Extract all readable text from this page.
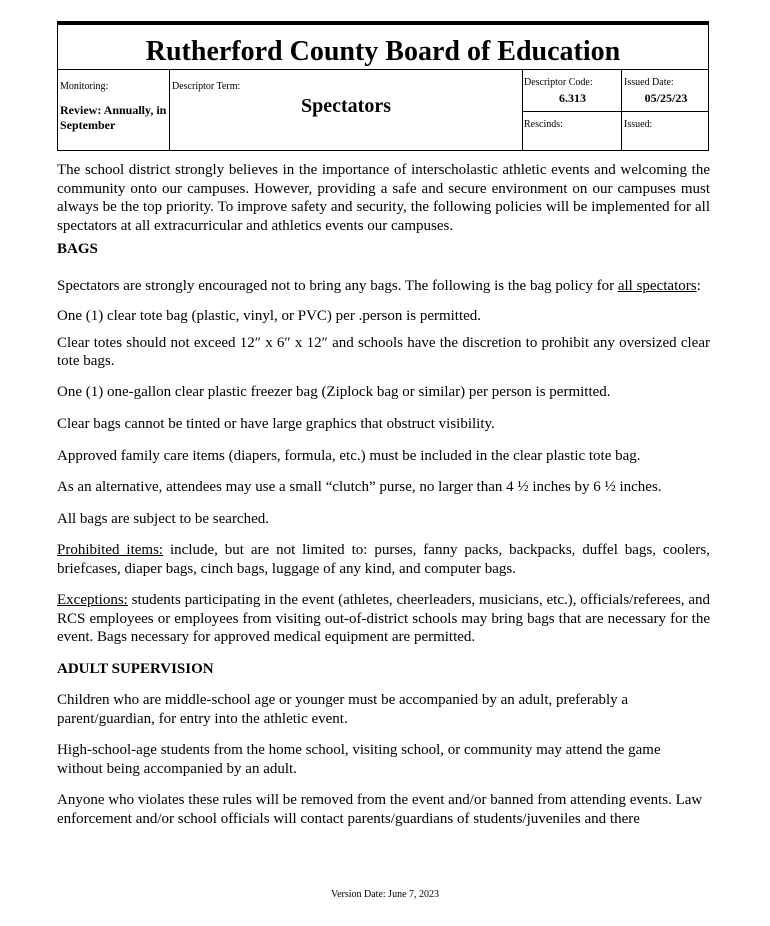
Rutherford County Board of Education
Monitoring:
Review: Annually, in September
Descriptor Term:
Spectators
Descriptor Code:
6.313
Issued Date:
05/25/23
Rescinds:	Issued:

The school district strongly believes in the importance of interscholastic athletic events and welcoming the community onto our campuses. However, providing a safe and secure environment on our campuses must always be the top priority. To improve safety and security, the following policies will be implemented for all spectators at all extracurricular and athletics events our campuses.

BAGS

Spectators are strongly encouraged not to bring any bags. The following is the bag policy for all spectators:

One (1) clear tote bag (plastic, vinyl, or PVC) per .person is permitted.

Clear totes should not exceed 12″ x 6″ x 12″ and schools have the discretion to prohibit any oversized clear tote bags.

One (1) one-gallon clear plastic freezer bag (Ziplock bag or similar) per person is permitted.

Clear bags cannot be tinted or have large graphics that obstruct visibility.

Approved family care items (diapers, formula, etc.) must be included in the clear plastic tote bag.

As an alternative, attendees may use a small “clutch” purse, no larger than 4 ½ inches by 6 ½ inches.

All bags are subject to be searched.

Prohibited items: include, but are not limited to: purses, fanny packs, backpacks, duffel bags, coolers, briefcases, diaper bags, cinch bags, luggage of any kind, and computer bags.

Exceptions: students participating in the event (athletes, cheerleaders, musicians, etc.), officials/referees, and RCS employees or employees from visiting out-of-district schools may bring bags that are necessary for the event. Bags necessary for approved medical equipment are permitted.

ADULT SUPERVISION

Children who are middle-school age or younger must be accompanied by an adult, preferably a parent/guardian, for entry into the athletic event.

High-school-age students from the home school, visiting school, or community may attend the game without being accompanied by an adult.

Anyone who violates these rules will be removed from the event and/or banned from attending events. Law enforcement and/or school officials will contact parents/guardians of students/juveniles and there

Version Date: June 7, 2023
